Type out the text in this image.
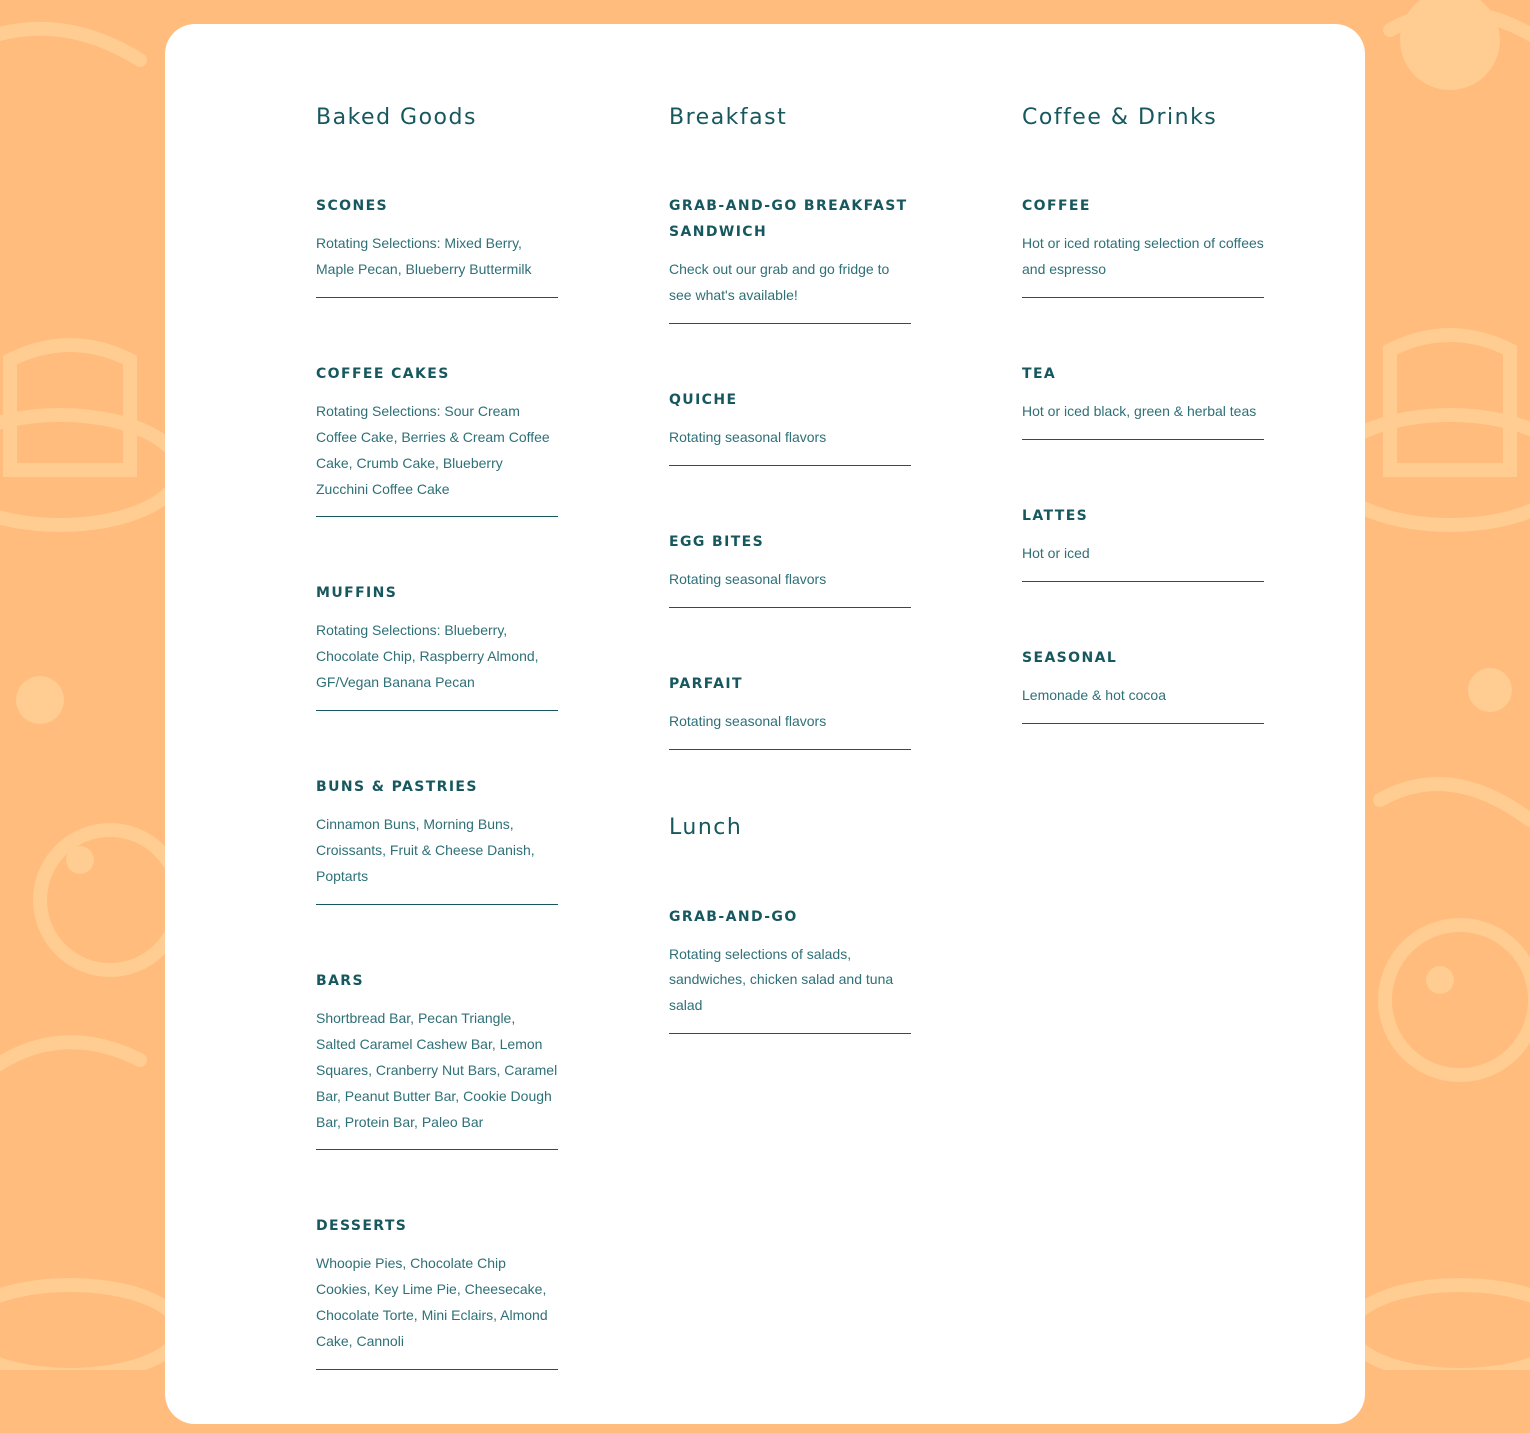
Baked Goods
SCONES

Rotating Selections: Mixed Berry, Maple Pecan, Blueberry Buttermilk

COFFEE CAKES

Rotating Selections: Sour Cream Coffee Cake, Berries & Cream Coffee Cake, Crumb Cake, Blueberry Zucchini Coffee Cake

MUFFINS

Rotating Selections: Blueberry, Chocolate Chip, Raspberry Almond, GF/Vegan Banana Pecan

BUNS & PASTRIES

Cinnamon Buns, Morning Buns, Croissants, Fruit & Cheese Danish, Poptarts

BARS

Shortbread Bar, Pecan Triangle, Salted Caramel Cashew Bar, Lemon Squares, Cranberry Nut Bars, Caramel Bar, Peanut Butter Bar, Cookie Dough Bar, Protein Bar, Paleo Bar

DESSERTS

Whoopie Pies, Chocolate Chip Cookies, Key Lime Pie, Cheesecake, Chocolate Torte, Mini Eclairs, Almond Cake, Cannoli

Breakfast
GRAB-AND-GO BREAKFAST SANDWICH

Check out our grab and go fridge to see what's available!

QUICHE

Rotating seasonal flavors

EGG BITES

Rotating seasonal flavors

PARFAIT

Rotating seasonal flavors

Lunch
GRAB-AND-GO

Rotating selections of salads, sandwiches, chicken salad and tuna salad

Coffee & Drinks
COFFEE

Hot or iced rotating selection of coffees and espresso

TEA

Hot or iced black, green & herbal teas

LATTES

Hot or iced

SEASONAL

Lemonade & hot cocoa
